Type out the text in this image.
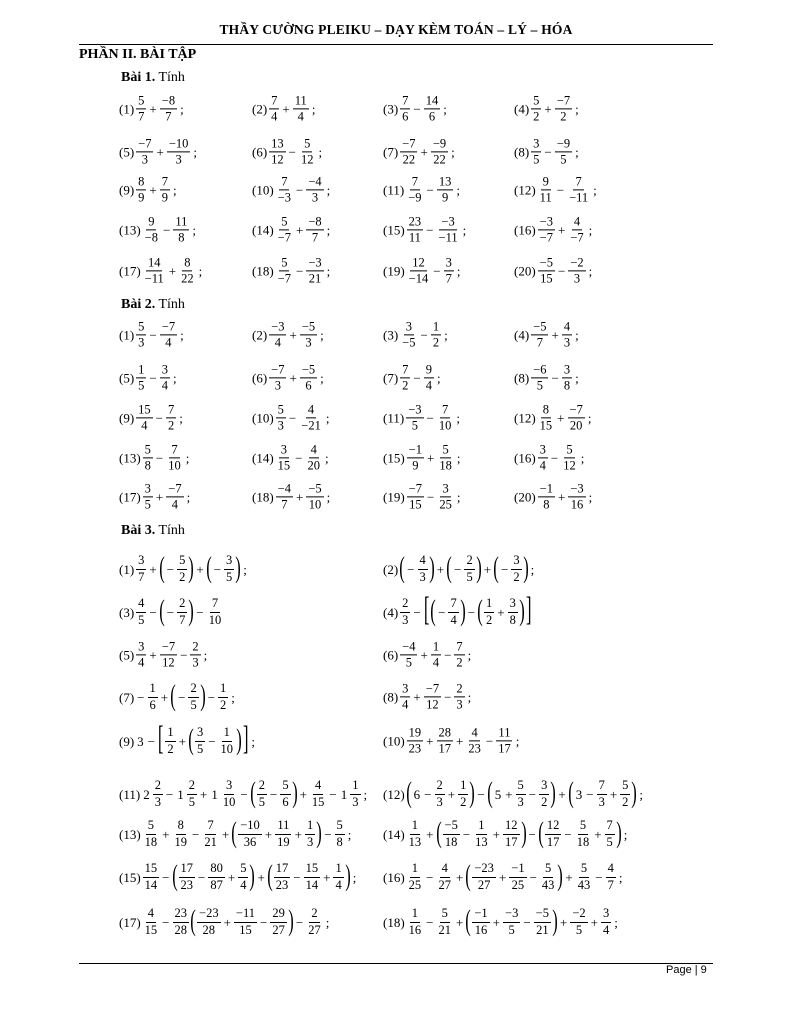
THẦY CƯỜNG PLEIKU – DẠY KÈM TOÁN – LÝ – HÓA
PHẦN II. BÀI TẬP
Bài 1. Tính
Bài 2. Tính
Bài 3. Tính
$(1) \frac{5}{7} + \frac{-8}{7}$ ;	$(2) \frac{7}{4} + \frac{11}{4}$ ;	$(3) \frac{7}{6} - \frac{14}{6}$ ;	$(4) \frac{5}{2} + \frac{-7}{2}$ ;
$(5) \frac{-7}{3} + \frac{-10}{3}$ ;	$(6) \frac{13}{12} - \frac{5}{12}$ ;	$(7) \frac{-7}{22} + \frac{-9}{22}$ ;	$(8) \frac{3}{5} - \frac{-9}{5}$ ;
$(9) \frac{8}{9} + \frac{7}{9}$ ;	$(10) \frac{7}{-3} - \frac{-4}{3}$ ;	$(11) \frac{7}{-9} - \frac{13}{9}$ ;	$(12) \frac{9}{11} - \frac{7}{-11}$ ;
$(13) \frac{9}{-8} - \frac{11}{8}$ ;	$(14) \frac{5}{-7} + \frac{-8}{7}$ ;	$(15) \frac{23}{11} - \frac{-3}{-11}$ ;	$(16) \frac{-3}{-7} + \frac{4}{-7}$ ;
$(17) \frac{14}{-11} + \frac{8}{22}$ ;	$(18) \frac{5}{-7} - \frac{-3}{21}$ ;	$(19) \frac{12}{-14} - \frac{3}{7}$ ;	$(20) \frac{-5}{15} - \frac{-2}{3}$ ;
$(1) \frac{5}{3} - \frac{-7}{4}$ ;	$(2) \frac{-3}{4} + \frac{-5}{3}$ ;	$(3) \frac{3}{-5} - \frac{1}{2}$ ;	$(4) \frac{-5}{7} + \frac{4}{3}$ ;
$(5) \frac{1}{5} - \frac{3}{4}$ ;	$(6) \frac{-7}{3} + \frac{-5}{6}$ ;	$(7) \frac{7}{2} - \frac{9}{4}$ ;	$(8) \frac{-6}{5} - \frac{3}{8}$ ;
$(9) \frac{15}{4} - \frac{7}{2}$ ;	$(10) \frac{5}{3} - \frac{4}{-21}$ ;	$(11) \frac{-3}{5} - \frac{7}{10}$ ;	$(12) \frac{8}{15} + \frac{-7}{20}$ ;
$(13) \frac{5}{8} - \frac{7}{10}$ ;	$(14) \frac{3}{15} - \frac{4}{20}$ ;	$(15) \frac{-1}{9} + \frac{5}{18}$ ;	$(16) \frac{3}{4} - \frac{5}{12}$ ;
$(17) \frac{3}{5} + \frac{-7}{4}$ ;	$(18) \frac{-4}{7} + \frac{-5}{10}$ ;	$(19) \frac{-7}{15} - \frac{3}{25}$ ;	$(20) \frac{-1}{8} + \frac{-3}{16}$ ;
$(1) \frac{3}{7}$ + ( − $\frac{5}{2}$ ) + ( − $\frac{3}{5}$ ) ;	(2) ( − $\frac{4}{3}$ ) + ( − $\frac{2}{5}$ ) + ( − $\frac{3}{2}$ ) ;
$(3) \frac{4}{5}$ − ( − $\frac{2}{7}$ ) − $\frac{7}{10}$	$(4) \frac{2}{3}$ − [ ( − $\frac{7}{4}$ ) − ( $\frac{1}{2} + \frac{3}{8}$ ) ]
$(5) \frac{3}{4} + \frac{-7}{12} - \frac{2}{3}$ ;	$(6) \frac{-4}{5} + \frac{1}{4} - \frac{7}{2}$ ;
$(7) - \frac{1}{6}$ + ( − $\frac{2}{5}$ ) − $\frac{1}{2}$ ;	$(8) \frac{3}{4} + \frac{-7}{12} - \frac{2}{3}$ ;
(9) 3 − [ $\frac{1}{2}$ + ( $\frac{3}{5} - \frac{1}{10}$ ) ] ;	$(10) \frac{19}{23} + \frac{28}{17} + \frac{4}{23} - \frac{11}{17}$ ;
(11) $2 \frac{2}{3} - 1 \frac{2}{5} + 1 \frac{3}{10}$ − ( $\frac{2}{5} - \frac{5}{6}$ ) + $\frac{4}{15} - 1 \frac{1}{3}$ ; (12) ( $6 - \frac{2}{3} + \frac{1}{2}$ ) − ( $5 + \frac{5}{3} - \frac{3}{2}$ ) + ( $3 - \frac{7}{3} + \frac{5}{2}$ ) ;
$(13) \frac{5}{18} + \frac{8}{19} - \frac{7}{21}$ + ( $\frac{-10}{36} + \frac{11}{19} + \frac{1}{3}$ ) − $\frac{5}{8}$ ; $(14) \frac{1}{13}$ + ( $\frac{-5}{18} - \frac{1}{13} + \frac{12}{17}$ ) − ( $\frac{12}{17} - \frac{5}{18} + \frac{7}{5}$ ) ;
$(15) \frac{15}{14}$ − ( $\frac{17}{23} - \frac{80}{87} + \frac{5}{4}$ ) + ( $\frac{17}{23} - \frac{15}{14} + \frac{1}{4}$ ) ; $(16) \frac{1}{25} - \frac{4}{27}$ + ( $\frac{-23}{27} + \frac{-1}{25} - \frac{5}{43}$ ) + $\frac{5}{43} - \frac{4}{7}$ ;
$(17) \frac{4}{15} - \frac{23}{28}$ ( $\frac{-23}{28} + \frac{-11}{15} - \frac{29}{27}$ ) − $\frac{2}{27}$ ;	$(18) \frac{1}{16} - \frac{5}{21}$ + ( $\frac{-1}{16} + \frac{-3}{5} - \frac{-5}{21}$ ) + $\frac{-2}{5} + \frac{3}{4}$ ;
Page | 9
